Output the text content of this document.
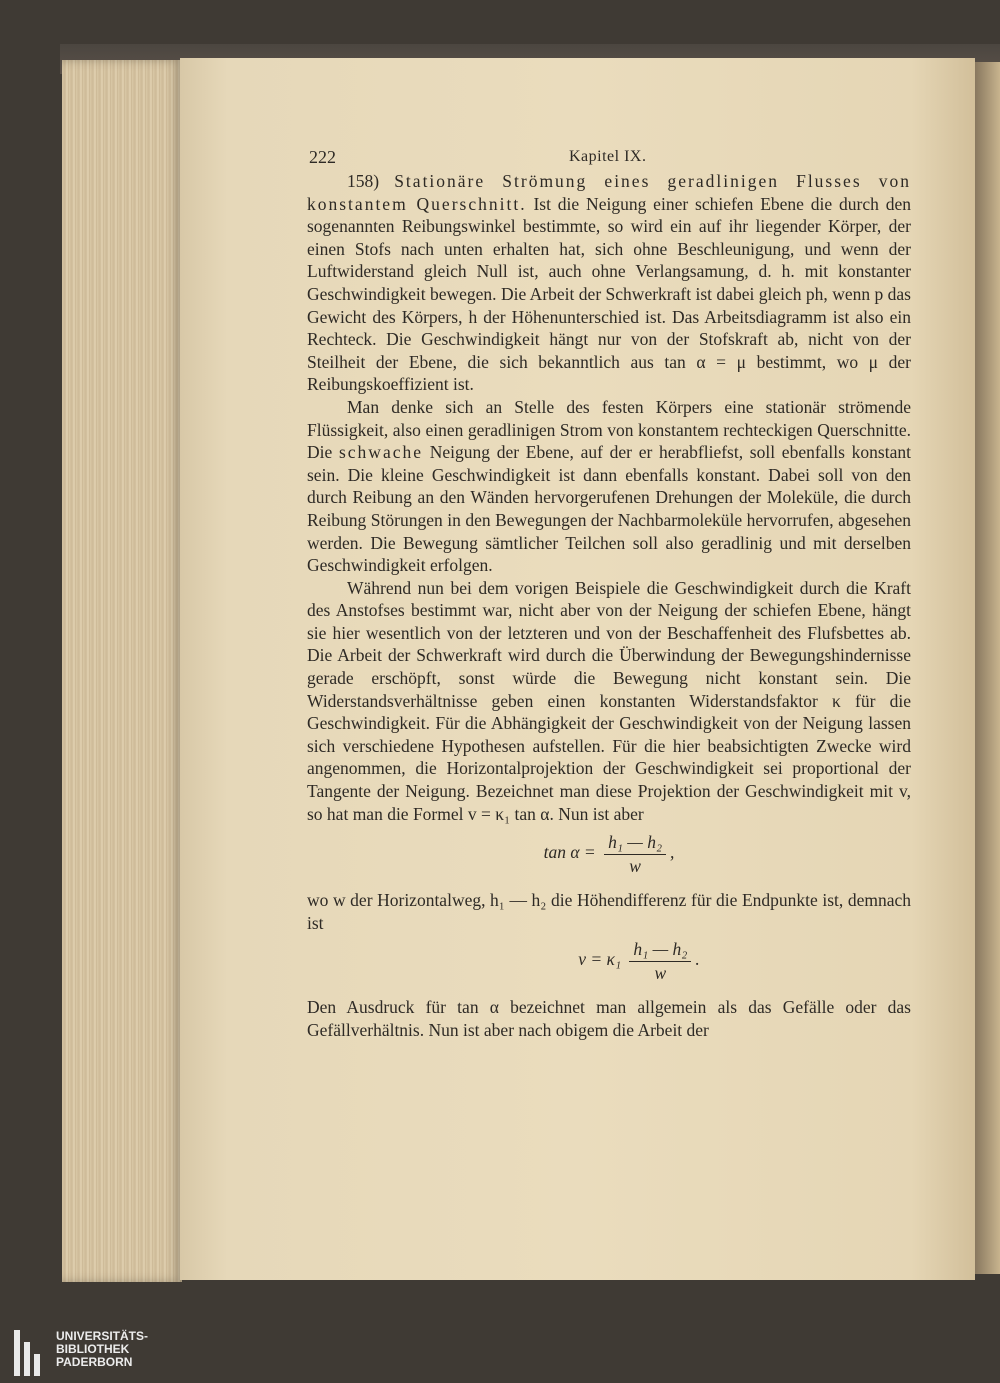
222	Kapitel IX.

158) Stationäre Strömung eines geradlinigen Flusses von konstantem Querschnitt. Ist die Neigung einer schiefen Ebene die durch den sogenannten Reibungswinkel bestimmte, so wird ein auf ihr liegender Körper, der einen Stofs nach unten erhalten hat, sich ohne Beschleunigung, und wenn der Luftwiderstand gleich Null ist, auch ohne Verlangsamung, d. h. mit konstanter Geschwindigkeit bewegen. Die Arbeit der Schwerkraft ist dabei gleich ph, wenn p das Gewicht des Körpers, h der Höhenunterschied ist. Das Arbeitsdiagramm ist also ein Rechteck. Die Geschwindigkeit hängt nur von der Stofskraft ab, nicht von der Steilheit der Ebene, die sich bekanntlich aus tan α = μ bestimmt, wo μ der Reibungskoeffizient ist.

Man denke sich an Stelle des festen Körpers eine stationär strömende Flüssigkeit, also einen geradlinigen Strom von konstantem rechteckigen Querschnitte. Die schwache Neigung der Ebene, auf der er herabfliefst, soll ebenfalls konstant sein. Die kleine Geschwindigkeit ist dann ebenfalls konstant. Dabei soll von den durch Reibung an den Wänden hervorgerufenen Drehungen der Moleküle, die durch Reibung Störungen in den Bewegungen der Nachbarmoleküle hervorrufen, abgesehen werden. Die Bewegung sämtlicher Teilchen soll also geradlinig und mit derselben Geschwindigkeit erfolgen.

Während nun bei dem vorigen Beispiele die Geschwindigkeit durch die Kraft des Anstofses bestimmt war, nicht aber von der Neigung der schiefen Ebene, hängt sie hier wesentlich von der letzteren und von der Beschaffenheit des Flufsbettes ab. Die Arbeit der Schwerkraft wird durch die Überwindung der Bewegungshindernisse gerade erschöpft, sonst würde die Bewegung nicht konstant sein. Die Widerstandsverhältnisse geben einen konstanten Widerstandsfaktor κ für die Geschwindigkeit. Für die Abhängigkeit der Geschwindigkeit von der Neigung lassen sich verschiedene Hypothesen aufstellen. Für die hier beabsichtigten Zwecke wird angenommen, die Horizontalprojektion der Geschwindigkeit sei proportional der Tangente der Neigung. Bezeichnet man diese Projektion der Geschwindigkeit mit v, so hat man die Formel v = κ₁ tan α. Nun ist aber

$\tan \alpha = \frac{\text{h₁ — h₂}}{w}$ ,

wo w der Horizontalweg, h₁ — h₂ die Höhendifferenz für die Endpunkte ist, demnach ist

$v = \kappa_1 \frac{\text{h₁ — h₂}}{w}$ .

Den Ausdruck für tan α bezeichnet man allgemein als das Gefälle oder das Gefällverhältnis. Nun ist aber nach obigem die Arbeit der

UNIVERSITÄTS-
BIBLIOTHEK
PADERBORN
